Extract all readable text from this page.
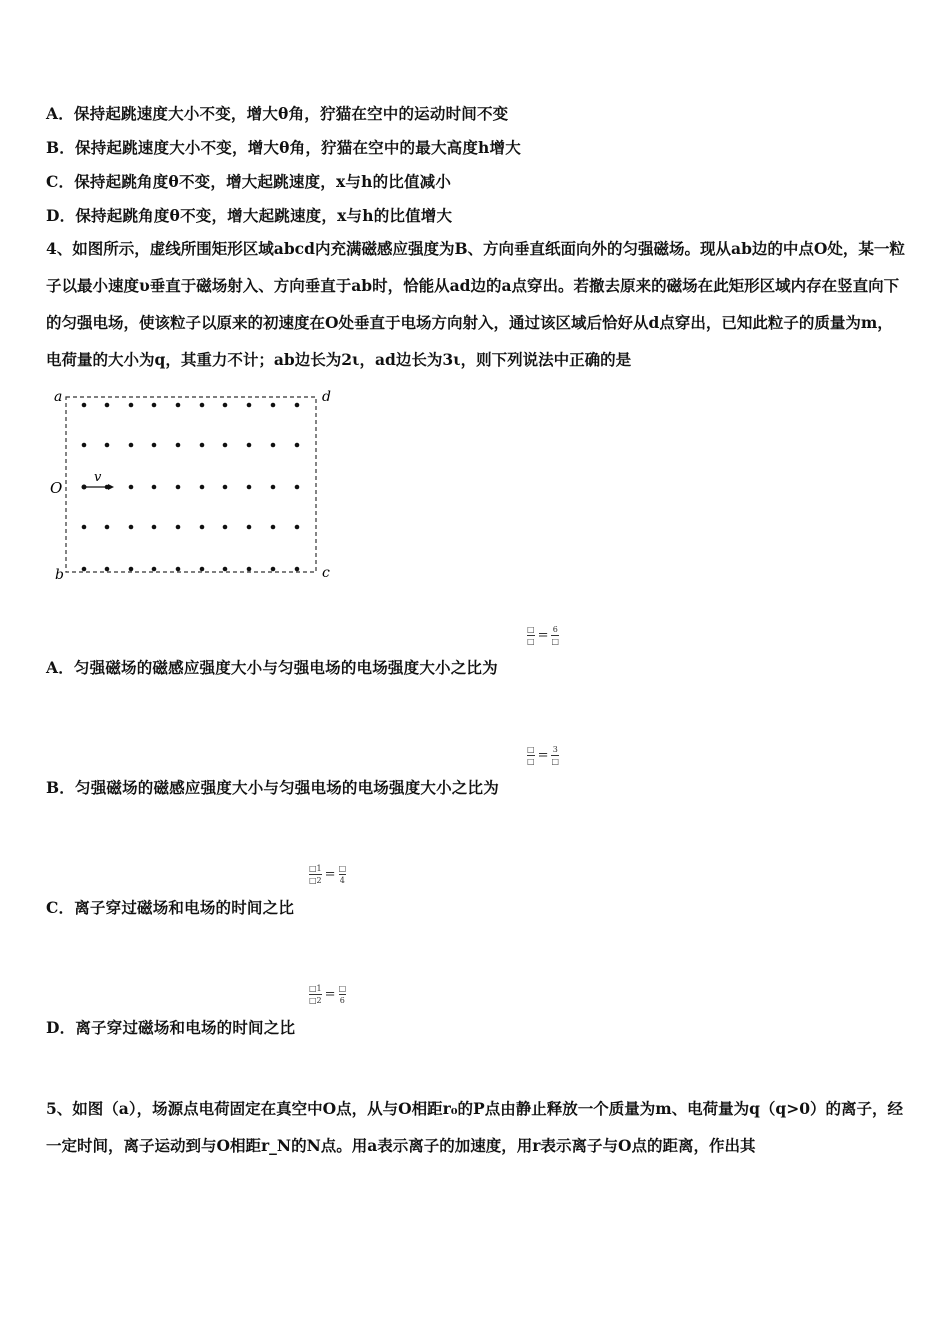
A．保持起跳速度大小不变，增大θ角，狞猫在空中的运动时间不变
B．保持起跳速度大小不变，增大θ角，狞猫在空中的最大高度h增大
C．保持起跳角度θ不变，增大起跳速度，x与h的比值减小
D．保持起跳角度θ不变，增大起跳速度，x与h的比值增大
4、如图所示，虚线所围矩形区域abcd内充满磁感应强度为B、方向垂直纸面向外的匀强磁场。现从ab边的中点O处，某一粒子以最小速度υ垂直于磁场射入、方向垂直于ab时，恰能从ad边的a点穿出。若撤去原来的磁场在此矩形区域内存在竖直向下的匀强电场，使该粒子以原来的初速度在O处垂直于电场方向射入，通过该区域后恰好从d点穿出，已知此粒子的质量为m，电荷量的大小为q，其重力不计；ab边长为2ι，ad边长为3ι，则下列说法中正确的是
a	d
b	c
O
v
□
□ = 6
□
A．匀强磁场的磁感应强度大小与匀强电场的电场强度大小之比为
□
□ = 3
□
B．匀强磁场的磁感应强度大小与匀强电场的电场强度大小之比为
$\frac{□1}{□2}$ = □
4
C．离子穿过磁场和电场的时间之比
$\frac{□1}{□2}$ = □
6
D．离子穿过磁场和电场的时间之比
5、如图（a），场源点电荷固定在真空中O点，从与O相距r₀的P点由静止释放一个质量为m、电荷量为q（q>0）的离子，经一定时间，离子运动到与O相距r_N的N点。用a表示离子的加速度，用r表示离子与O点的距离，作出其
